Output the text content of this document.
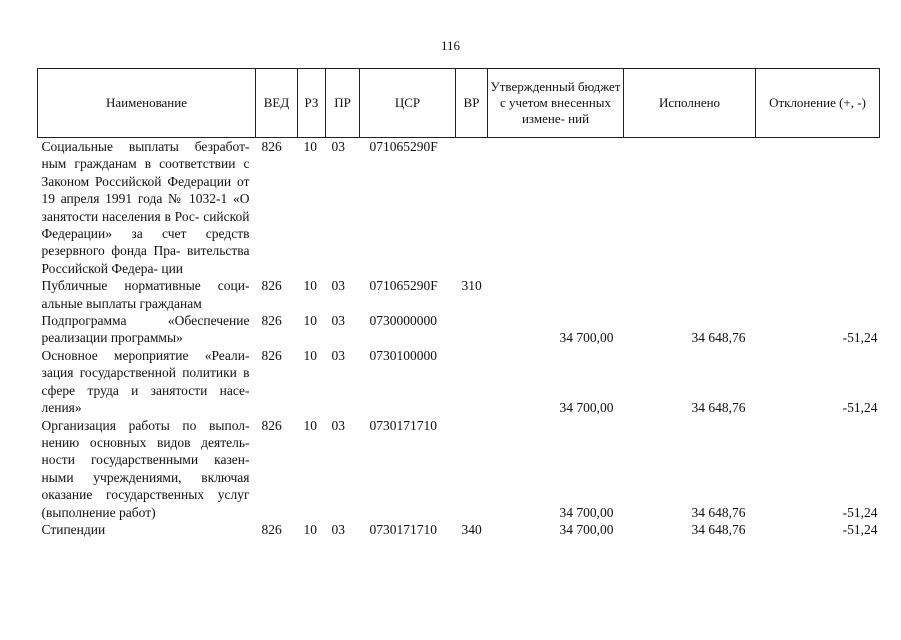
116
Наименование	ВЕД	РЗ	ПР	ЦСР	ВР	Утвержденный бюджет с учетом внесенных измене- ний	Исполнено	Отклонение (+, -)
Социальные выплаты безработ- ным гражданам в соответствии с Законом Российской Федерации от 19 апреля 1991 года № 1032-1 «О занятости населения в Рос- сийской Федерации» за счет средств резервного фонда Пра- вительства Российской Федера- ции	826	10	03	071065290F				
Публичные нормативные соци- альные выплаты гражданам	826	10	03	071065290F	310			
Подпрограмма «Обеспечение реализации программы»	826	10	03	0730000000		34 700,00	34 648,76	-51,24
Основное мероприятие «Реали- зация государственной политики в сфере труда и занятости насе- ления»	826	10	03	0730100000		34 700,00	34 648,76	-51,24
Организация работы по выпол- нению основных видов деятель- ности государственными казен- ными учреждениями, включая оказание государственных услуг (выполнение работ)	826	10	03	0730171710		34 700,00	34 648,76	-51,24
Стипендии	826	10	03	0730171710	340	34 700,00	34 648,76	-51,24
